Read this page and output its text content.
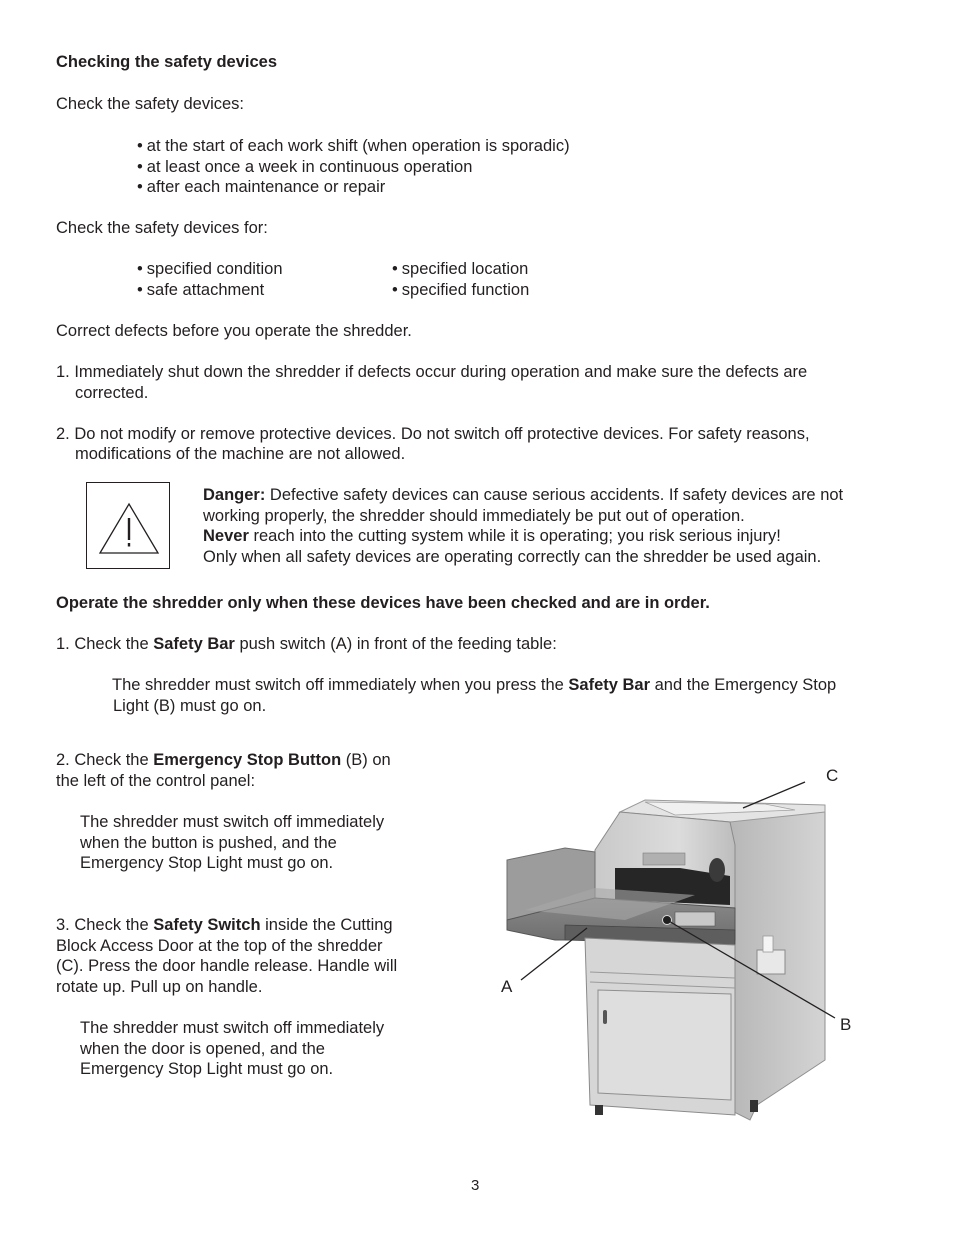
Checking the safety devices

Check the safety devices:

• at the start of each work shift (when operation is sporadic)
• at least once a week in continuous operation
• after each maintenance or repair

Check the safety devices for:

• specified condition	• specified location
• safe attachment	• specified function

Correct defects before you operate the shredder.

1. Immediately shut down the shredder if defects occur during operation and make sure the defects are

corrected.

2. Do not modify or remove protective devices. Do not switch off protective devices. For safety reasons,

modifications of the machine are not allowed.

Danger: Defective safety devices can cause serious accidents. If safety devices are not
working properly, the shredder should immediately be put out of operation.
Never reach into the cutting system while it is operating; you risk serious injury!
Only when all safety devices are operating correctly can the shredder be used again.

Operate the shredder only when these devices have been checked and are in order.

1. Check the Safety Bar push switch (A) in front of the feeding table:

The shredder must switch off immediately when you press the Safety Bar and the Emergency Stop
Light (B) must go on.
2. Check the Emergency Stop Button (B) on
the left of the control panel:
The shredder must switch off immediately
when the button is pushed, and the
Emergency Stop Light must go on.
3. Check the Safety Switch inside the Cutting
Block Access Door at the top of the shredder
(C). Press the door handle release. Handle will
rotate up. Pull up on handle.
The shredder must switch off immediately
when the door is opened, and the
Emergency Stop Light must go on.
C
A
B
3
